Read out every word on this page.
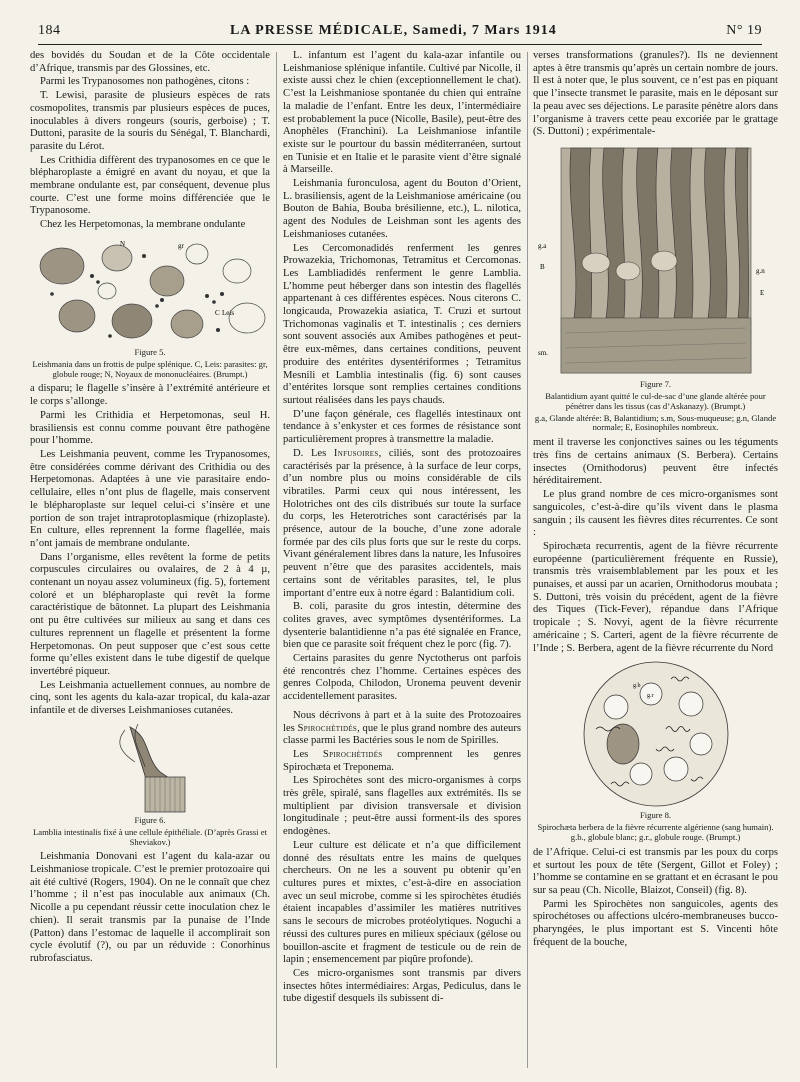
184	LA PRESSE MÉDICALE, Samedi, 7 Mars 1914	N° 19

des bovidés du Soudan et de la Côte occidentale d’Afrique, transmis par des Glossines, etc.

Parmi les Trypanosomes non pathogènes, citons :

T. Lewisi, parasite de plusieurs espèces de rats cosmopolites, transmis par plusieurs espèces de puces, inoculables à divers rongeurs (souris, gerboise) ; T. Duttoni, parasite de la souris du Sénégal, T. Blanchardi, parasite du Lérot.

Les Crithidia diffèrent des trypanosomes en ce que le blépharoplaste a émigré en avant du noyau, et que la membrane ondulante est, par conséquent, devenue plus courte. C’est une forme moins différenciée que le Trypanosome.

Chez les Herpetomonas, la membrane ondulante

N	gr
C Leis
Figure 5.
Leishmania dans un frottis de pulpe splénique. C, Leis: parasites: gr, globule rouge; N, Noyaux de mononucléaires. (Brumpt.)

a disparu; le flagelle s’insère à l’extrémité antérieure et le corps s’allonge.

Parmi les Crithidia et Herpetomonas, seul H. brasiliensis est connu comme pouvant être pathogène pour l’homme.

Les Leishmania peuvent, comme les Trypanosomes, être considérées comme dérivant des Crithidia ou des Herpetomonas. Adaptées à une vie parasitaire endo-cellulaire, elles n’ont plus de flagelle, mais conservent le blépharoplaste sur lequel celui-ci s’insère et une portion de son trajet intraprotoplasmique (rhizoplaste). En culture, elles reprennent la forme flagellée, mais n’ont jamais de membrane ondulante.

Dans l’organisme, elles revêtent la forme de petits corpuscules circulaires ou ovalaires, de 2 à 4 µ, contenant un noyau assez volumineux (fig. 5), fortement coloré et un blépharoplaste qui revêt la forme caractéristique de bâtonnet. La plupart des Leishmania ont pu être cultivées sur milieux au sang et dans ces cultures reprennent un flagelle et présentent la forme Herpetomonas. On peut supposer que c’est sous cette forme qu’elles existent dans le tube digestif de quelque invertébré piqueur.

Les Leishmania actuellement connues, au nombre de cinq, sont les agents du kala-azar tropical, du kala-azar infantile et de diverses Leishmanioses cutanées.

Figure 6.
Lamblia intestinalis fixé à une cellule épithéliale. (D’après Grassi et Sheviakov.)

Leishmania Donovani est l’agent du kala-azar ou Leishmaniose tropicale. C’est le premier protozoaire qui ait été cultivé (Rogers, 1904). On ne le connaît que chez l’homme ; il n’est pas inoculable aux animaux (Ch. Nicolle a pu cependant réussir cette inoculation chez le chien). Il serait transmis par la punaise de l’Inde (Patton) dans l’estomac de laquelle il accomplirait son cycle évolutif (?), ou par un réduvide : Conorhinus rubrofasciatus.

L. infantum est l’agent du kala-azar infantile ou Leishmaniose splénique infantile. Cultivé par Nicolle, il existe aussi chez le chien (exceptionnellement le chat). C’est la Leishmaniose spontanée du chien qui entraîne la maladie de l’enfant. Entre les deux, l’intermédiaire est probablement la puce (Nicolle, Basile), peut-être des Anophèles (Franchini). La Leishmaniose infantile existe sur le pourtour du bassin méditerranéen, surtout en Tunisie et en Italie et le parasite vient d’être signalé à Marseille.

Leishmania furonculosa, agent du Bouton d’Orient, L. brasiliensis, agent de la Leishmaniose américaine (ou Bouton de Bahia, Bouba brésilienne, etc.), L. nilotica, agent des Nodules de Leishman sont les agents des Leishmanioses cutanées.

Les Cercomonadidés renferment les genres Prowazekia, Trichomonas, Tetramitus et Cercomonas. Les Lambliadidés renferment le genre Lamblia. L’homme peut héberger dans son intestin des flagellés appartenant à ces différentes espèces. Nous citerons C. longicauda, Prowazekia asiatica, T. Cruzi et surtout Trichomonas vaginalis et T. intestinalis ; ces derniers sont souvent associés aux Amibes pathogènes et peut-être eux-mêmes, dans certaines conditions, peuvent produire des entérites dysentériformes ; Tetramitus Mesnili et Lamblia intestinalis (fig. 6) sont causes d’entérites lorsque sont remplies certaines conditions surtout réalisées dans les pays chauds.

D’une façon générale, ces flagellés intestinaux ont tendance à s’enkyster et ces formes de résistance sont particulièrement propres à transmettre la maladie.

D. Les Infusoires, ciliés, sont des protozoaires caractérisés par la présence, à la surface de leur corps, d’un nombre plus ou moins considérable de cils vibratiles. Parmi ceux qui nous intéressent, les Holotriches ont des cils distribués sur toute la surface du corps, les Heterotriches sont caractérisés par la présence, autour de la bouche, d’une zone adorale formée par des cils plus forts que sur le reste du corps. Vivant généralement libres dans la nature, les Infusoires peuvent n’être que des parasites accidentels, mais certains sont de véritables parasites, tel, le plus important d’entre eux à notre égard : Balantidium coli.

B. coli, parasite du gros intestin, détermine des colites graves, avec symptômes dysentériformes. La dysenterie balantidienne n’a pas été signalée en France, bien que ce parasite soit fréquent chez le porc (fig. 7).

Certains parasites du genre Nyctotherus ont parfois été rencontrés chez l’homme. Certaines espèces des genres Colpoda, Chilodon, Uronema peuvent devenir accidentellement parasites.

Nous décrivons à part et à la suite des Protozoaires les Spirochètidés, que le plus grand nombre des auteurs classe parmi les Bactéries sous le nom de Spirilles.

Les Spirochètidés comprennent les genres Spirochæta et Treponema.

Les Spirochètes sont des micro-organismes à corps très grêle, spiralé, sans flagelles aux extrémités. Ils se multiplient par division transversale et division longitudinale ; peut-être aussi forment-ils des spores endogènes.

Leur culture est délicate et n’a que difficilement donné des résultats entre les mains de quelques chercheurs. On ne les a souvent pu obtenir qu’en cultures pures et mixtes, c’est-à-dire en association avec un seul microbe, comme si les spirochètes étudiés étaient incapables d’assimiler les matières nutritives sans le secours de microbes protéolytiques. Noguchi a réussi des cultures pures en milieux spéciaux (gélose ou bouillon-ascite et fragment de testicule ou de rein de lapin ; ensemencement par piqûre profonde).

Ces micro-organismes sont transmis par divers insectes hôtes intermédiaires: Argas, Pediculus, dans le tube digestif desquels ils subissent di-

verses transformations (granules?). Ils ne deviennent aptes à être transmis qu’après un certain nombre de jours. Il est à noter que, le plus souvent, ce n’est pas en piquant que l’insecte transmet le parasite, mais en le déposant sur la peau avec ses déjections. Le parasite pénètre alors dans l’organisme à travers cette peau excoriée par le grattage (S. Duttoni) ; expérimentale-

g.a
B
sm.
g.n
E
Figure 7.
Balantidium ayant quitté le cul-de-sac d’une glande altérée pour pénétrer dans les tissus (cas d’Askanazy). (Brumpt.)
g.a, Glande altérée: B, Balantidium; s.m, Sous-muqueuse; g.n, Glande normale; E, Eosinophiles nombreux.

ment il traverse les conjonctives saines ou les téguments très fins de certains animaux (S. Berbera). Certains insectes (Ornithodorus) peuvent être infectés héréditairement.

Le plus grand nombre de ces micro-organismes sont sanguicoles, c’est-à-dire qu’ils vivent dans le plasma sanguin ; ils causent les fièvres dites récurrentes. Ce sont :

Spirochæta recurrentis, agent de la fièvre récurrente européenne (particulièrement fréquente en Russie), transmis très vraisemblablement par les poux et les punaises, et aussi par un acarien, Ornithodorus moubata ; S. Duttoni, très voisin du précédent, agent de la fièvre des Tiques (Tick-Fever), répandue dans l’Afrique tropicale ; S. Novyi, agent de la fièvre récurrente américaine ; S. Carteri, agent de la fièvre récurrente de l’Inde ; S. Berbera, agent de la fièvre récurrente du Nord

g.b
g.r
Figure 8.
Spirochæta berbera de la fièvre récurrente algérienne (sang humain). g.b., globule blanc; g.r., globule rouge. (Brumpt.)

de l’Afrique. Celui-ci est transmis par les poux du corps et surtout les poux de tête (Sergent, Gillot et Foley) ; l’homme se contamine en se grattant et en écrasant le pou sur sa peau (Ch. Nicolle, Blaizot, Conseil) (fig. 8).

Parmi les Spirochètes non sanguicoles, agents des spirochétoses ou affections ulcéro-membraneuses bucco-pharyngées, le plus important est S. Vincenti hôte fréquent de la bouche,
